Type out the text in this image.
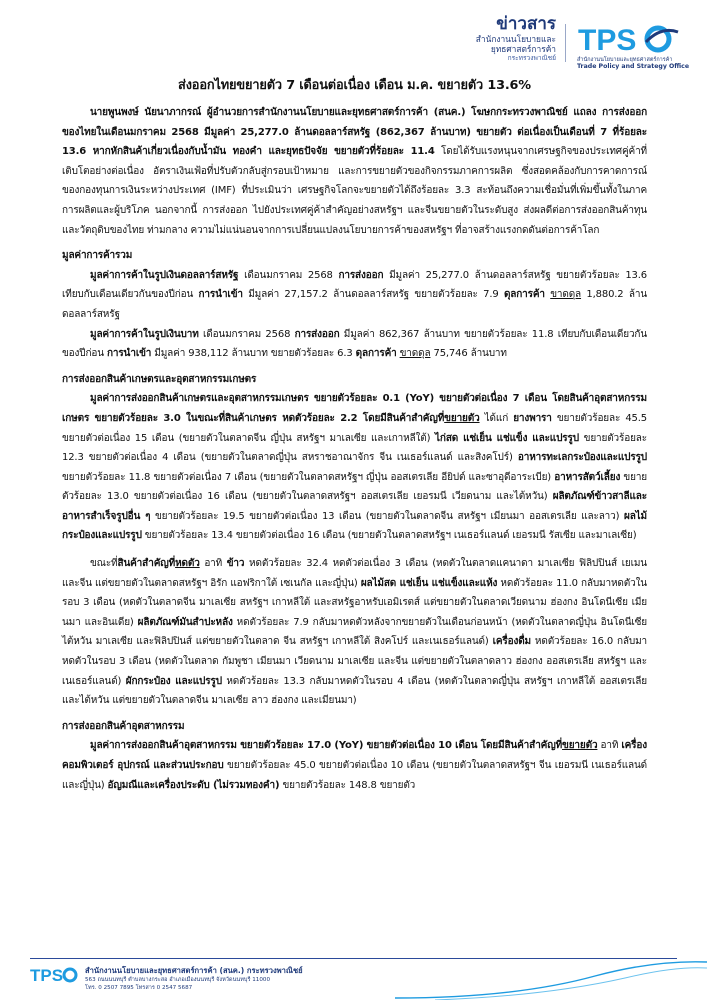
ข่าวสาร
สำนักงานนโยบายและ
ยุทธศาสตร์การค้า
กระทรวงพาณิชย์
TPS
สำนักงานนโยบายและยุทธศาสตร์การค้า
Trade Policy and Strategy Office
ส่งออกไทยขยายตัว 7 เดือนต่อเนื่อง เดือน ม.ค. ขยายตัว 13.6%

นายพูนพงษ์ นัยนาภากรณ์ ผู้อำนวยการสำนักงานนโยบายและยุทธศาสตร์การค้า (สนค.) โฆษกกระทรวงพาณิชย์ แถลง การส่งออกของไทยในเดือนมกราคม 2568 มีมูลค่า 25,277.0 ล้านดอลลาร์สหรัฐ (862,367 ล้านบาท) ขยายตัว ต่อเนื่องเป็นเดือนที่ 7 ที่ร้อยละ 13.6 หากหักสินค้าเกี่ยวเนื่องกับน้ำมัน ทองคำ และยุทธปัจจัย ขยายตัวที่ร้อยละ 11.4 โดยได้รับแรงหนุนจากเศรษฐกิจของประเทศคู่ค้าที่เติบโตอย่างต่อเนื่อง อัตราเงินเฟ้อที่ปรับตัวกลับสู่กรอบเป้าหมาย และการขยายตัวของกิจกรรมภาคการผลิต ซึ่งสอดคล้องกับการคาดการณ์ของกองทุนการเงินระหว่างประเทศ (IMF) ที่ประเมินว่า เศรษฐกิจโลกจะขยายตัวได้ถึงร้อยละ 3.3 สะท้อนถึงความเชื่อมั่นที่เพิ่มขึ้นทั้งในภาคการผลิตและผู้บริโภค นอกจากนี้ การส่งออก ไปยังประเทศคู่ค้าสำคัญอย่างสหรัฐฯ และจีนขยายตัวในระดับสูง ส่งผลดีต่อการส่งออกสินค้าทุนและวัตถุดิบของไทย ท่ามกลาง ความไม่แน่นอนจากการเปลี่ยนแปลงนโยบายการค้าของสหรัฐฯ ที่อาจสร้างแรงกดดันต่อการค้าโลก

มูลค่าการค้ารวม

มูลค่าการค้าในรูปเงินดอลลาร์สหรัฐ เดือนมกราคม 2568 การส่งออก มีมูลค่า 25,277.0 ล้านดอลลาร์สหรัฐ ขยายตัวร้อยละ 13.6 เทียบกับเดือนเดียวกันของปีก่อน การนำเข้า มีมูลค่า 27,157.2 ล้านดอลลาร์สหรัฐ ขยายตัวร้อยละ 7.9 ดุลการค้า ขาดดุล 1,880.2 ล้านดอลลาร์สหรัฐ

มูลค่าการค้าในรูปเงินบาท เดือนมกราคม 2568 การส่งออก มีมูลค่า 862,367 ล้านบาท ขยายตัวร้อยละ 11.8 เทียบกับเดือนเดียวกันของปีก่อน การนำเข้า มีมูลค่า 938,112 ล้านบาท ขยายตัวร้อยละ 6.3 ดุลการค้า ขาดดุล 75,746 ล้านบาท

การส่งออกสินค้าเกษตรและอุตสาหกรรมเกษตร

มูลค่าการส่งออกสินค้าเกษตรและอุตสาหกรรมเกษตร ขยายตัวร้อยละ 0.1 (YoY) ขยายตัวต่อเนื่อง 7 เดือน โดยสินค้าอุตสาหกรรมเกษตร ขยายตัวร้อยละ 3.0 ในขณะที่สินค้าเกษตร หดตัวร้อยละ 2.2 โดยมีสินค้าสำคัญที่ขยายตัว ได้แก่ ยางพารา ขยายตัวร้อยละ 45.5 ขยายตัวต่อเนื่อง 15 เดือน (ขยายตัวในตลาดจีน ญี่ปุ่น สหรัฐฯ มาเลเซีย และเกาหลีใต้) ไก่สด แช่เย็น แช่แข็ง และแปรรูป ขยายตัวร้อยละ 12.3 ขยายตัวต่อเนื่อง 4 เดือน (ขยายตัวในตลาดญี่ปุ่น สหราชอาณาจักร จีน เนเธอร์แลนด์ และสิงคโปร์) อาหารทะเลกระป๋องและแปรรูป ขยายตัวร้อยละ 11.8 ขยายตัวต่อเนื่อง 7 เดือน (ขยายตัวในตลาดสหรัฐฯ ญี่ปุ่น ออสเตรเลีย อียิปต์ และซาอุดีอาระเบีย) อาหารสัตว์เลี้ยง ขยายตัวร้อยละ 13.0 ขยายตัวต่อเนื่อง 16 เดือน (ขยายตัวในตลาดสหรัฐฯ ออสเตรเลีย เยอรมนี เวียดนาม และไต้หวัน) ผลิตภัณฑ์ข้าวสาลีและอาหารสำเร็จรูปอื่น ๆ ขยายตัวร้อยละ 19.5 ขยายตัวต่อเนื่อง 13 เดือน (ขยายตัวในตลาดจีน สหรัฐฯ เมียนมา ออสเตรเลีย และลาว) ผลไม้กระป๋องและแปรรูป ขยายตัวร้อยละ 13.4 ขยายตัวต่อเนื่อง 16 เดือน (ขยายตัวในตลาดสหรัฐฯ เนเธอร์แลนด์ เยอรมนี รัสเซีย และมาเลเซีย)

ขณะที่สินค้าสำคัญที่หดตัว อาทิ ข้าว หดตัวร้อยละ 32.4 หดตัวต่อเนื่อง 3 เดือน (หดตัวในตลาดแคนาดา มาเลเซีย ฟิลิปปินส์ เยเมน และจีน แต่ขยายตัวในตลาดสหรัฐฯ อิรัก แอฟริกาใต้ เซเนกัล และญี่ปุ่น) ผลไม้สด แช่เย็น แช่แข็งและแห้ง หดตัวร้อยละ 11.0 กลับมาหดตัวในรอบ 3 เดือน (หดตัวในตลาดจีน มาเลเซีย สหรัฐฯ เกาหลีใต้ และสหรัฐอาหรับเอมิเรตส์ แต่ขยายตัวในตลาดเวียดนาม ฮ่องกง อินโดนีเซีย เมียนมา และอินเดีย) ผลิตภัณฑ์มันสำปะหลัง หดตัวร้อยละ 7.9 กลับมาหดตัวหลังจากขยายตัวในเดือนก่อนหน้า (หดตัวในตลาดญี่ปุ่น อินโดนีเซีย ไต้หวัน มาเลเซีย และฟิลิปปินส์ แต่ขยายตัวในตลาด จีน สหรัฐฯ เกาหลีใต้ สิงคโปร์ และเนเธอร์แลนด์) เครื่องดื่ม หดตัวร้อยละ 16.0 กลับมาหดตัวในรอบ 3 เดือน (หดตัวในตลาด กัมพูชา เมียนมา เวียดนาม มาเลเซีย และจีน แต่ขยายตัวในตลาดลาว ฮ่องกง ออสเตรเลีย สหรัฐฯ และเนเธอร์แลนด์) ผักกระป๋อง และแปรรูป หดตัวร้อยละ 13.3 กลับมาหดตัวในรอบ 4 เดือน (หดตัวในตลาดญี่ปุ่น สหรัฐฯ เกาหลีใต้ ออสเตรเลีย และไต้หวัน แต่ขยายตัวในตลาดจีน มาเลเซีย ลาว ฮ่องกง และเมียนมา)

การส่งออกสินค้าอุตสาหกรรม

มูลค่าการส่งออกสินค้าอุตสาหกรรม ขยายตัวร้อยละ 17.0 (YoY) ขยายตัวต่อเนื่อง 10 เดือน โดยมีสินค้าสำคัญที่ขยายตัว อาทิ เครื่องคอมพิวเตอร์ อุปกรณ์ และส่วนประกอบ ขยายตัวร้อยละ 45.0 ขยายตัวต่อเนื่อง 10 เดือน (ขยายตัวในตลาดสหรัฐฯ จีน เยอรมนี เนเธอร์แลนด์ และญี่ปุ่น) อัญมณีและเครื่องประดับ (ไม่รวมทองคำ) ขยายตัวร้อยละ 148.8 ขยายตัว

TPS	สำนักงานนโยบายและยุทธศาสตร์การค้า (สนค.) กระทรวงพาณิชย์
563 ถนนนนทบุรี ตำบลบางกระสอ อำเภอเมืองนนทบุรี จังหวัดนนทบุรี 11000
โทร. 0 2507 7895 โทรสาร 0 2547 5687
